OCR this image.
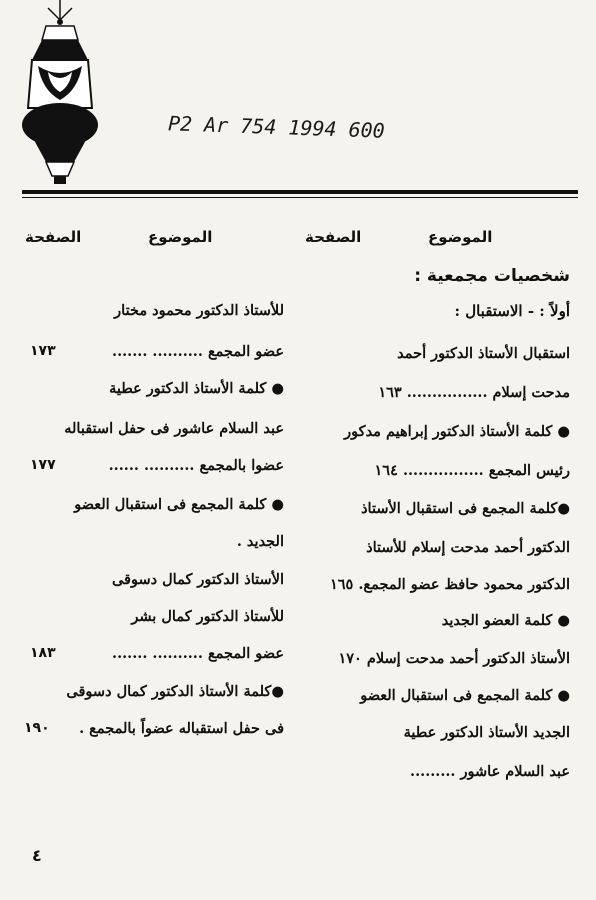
P2 Ar 754 1994 600
الموضوع
الصفحة
الموضوع
الصفحة
شخصيات مجمعية :
أولاً : - الاستقبال :
استقبال الأستاذ الدكتور أحمد
مدحت إسلام ................ ١٦٣
● كلمة الأستاذ الدكتور إبراهيم مدكور
رئيس المجمع ................ ١٦٤
●كلمة المجمع فى استقبال الأستاذ
الدكتور أحمد مدحت إسلام للأستاذ
الدكتور محمود حافظ عضو المجمع. ١٦٥
● كلمة العضو الجديد
الأستاذ الدكتور أحمد مدحت إسلام ١٧٠
● كلمة المجمع فى استقبال العضو
الجديد الأستاذ الدكتور عطية
عبد السلام عاشور .........
للأستاذ الدكتور محمود مختار
عضو المجمع .......... .......
● كلمة الأستاذ الدكتور عطية
عبد السلام عاشور فى حفل استقباله
عضوا بالمجمع .......... ......
● كلمة المجمع فى استقبال العضو
الجديد .
الأستاذ الدكتور كمال دسوقى
للأستاذ الدكتور كمال بشر
عضو المجمع .......... .......
●كلمة الأستاذ الدكتور كمال دسوقى
فى حفل استقباله عضواً بالمجمع .
١٧٣
١٧٧
١٨٣
١٩٠
٤
